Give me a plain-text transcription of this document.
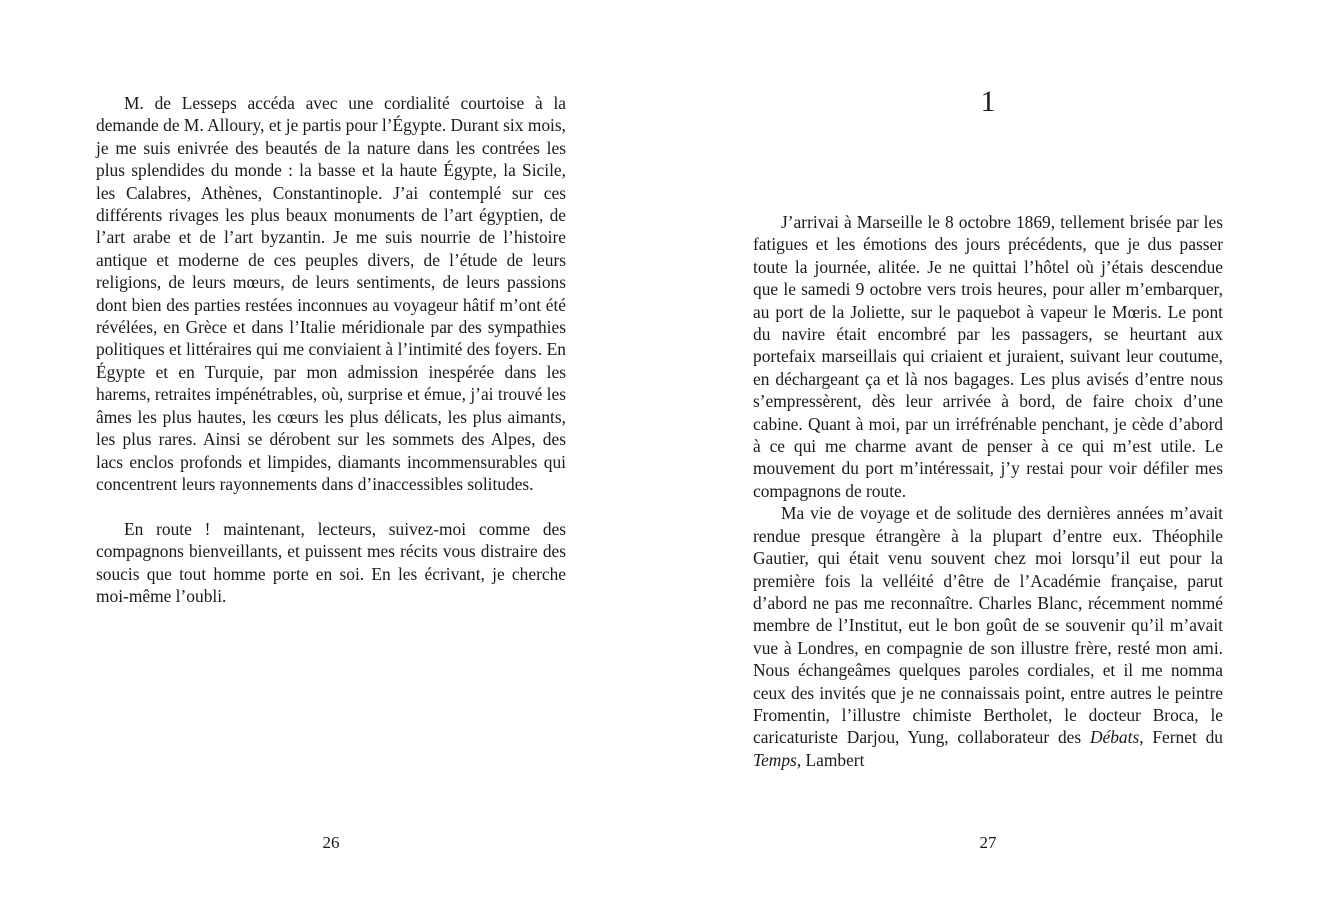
M. de Lesseps accéda avec une cordialité courtoise à la demande de M. Alloury, et je partis pour l’Égypte. Durant six mois, je me suis enivrée des beautés de la nature dans les contrées les plus splendides du monde : la basse et la haute Égypte, la Sicile, les Calabres, Athènes, Constantinople. J’ai contemplé sur ces différents rivages les plus beaux monuments de l’art égyptien, de l’art arabe et de l’art byzantin. Je me suis nourrie de l’histoire antique et moderne de ces peuples divers, de l’étude de leurs religions, de leurs mœurs, de leurs sentiments, de leurs passions dont bien des parties restées inconnues au voyageur hâtif m’ont été révélées, en Grèce et dans l’Italie méridionale par des sympathies politiques et littéraires qui me conviaient à l’intimité des foyers. En Égypte et en Turquie, par mon admission inespérée dans les harems, retraites impénétrables, où, surprise et émue, j’ai trouvé les âmes les plus hautes, les cœurs les plus délicats, les plus aimants, les plus rares. Ainsi se dérobent sur les sommets des Alpes, des lacs enclos profonds et limpides, diamants incommensurables qui concentrent leurs rayonnements dans d’inaccessibles solitudes.

En route ! maintenant, lecteurs, suivez-moi comme des compagnons bienveillants, et puissent mes récits vous distraire des soucis que tout homme porte en soi. En les écrivant, je cherche moi-même l’oubli.

26
1

J’arrivai à Marseille le 8 octobre 1869, tellement brisée par les fatigues et les émotions des jours précédents, que je dus passer toute la journée, alitée. Je ne quittai l’hôtel où j’étais descendue que le samedi 9 octobre vers trois heures, pour aller m’embarquer, au port de la Joliette, sur le paquebot à vapeur le Mœris. Le pont du navire était encombré par les passagers, se heurtant aux portefaix marseillais qui criaient et juraient, suivant leur coutume, en déchargeant ça et là nos bagages. Les plus avisés d’entre nous s’empressèrent, dès leur arrivée à bord, de faire choix d’une cabine. Quant à moi, par un irréfrénable penchant, je cède d’abord à ce qui me charme avant de penser à ce qui m’est utile. Le mouvement du port m’intéressait, j’y restai pour voir défiler mes compagnons de route.

Ma vie de voyage et de solitude des dernières années m’avait rendue presque étrangère à la plupart d’entre eux. Théophile Gautier, qui était venu souvent chez moi lorsqu’il eut pour la première fois la velléité d’être de l’Académie française, parut d’abord ne pas me reconnaître. Charles Blanc, récemment nommé membre de l’Institut, eut le bon goût de se souvenir qu’il m’avait vue à Londres, en compagnie de son illustre frère, resté mon ami. Nous échangeâmes quelques paroles cordiales, et il me nomma ceux des invités que je ne connaissais point, entre autres le peintre Fromentin, l’illustre chimiste Bertholet, le docteur Broca, le caricaturiste Darjou, Yung, collaborateur des Débats, Fernet du Temps, Lambert

27
